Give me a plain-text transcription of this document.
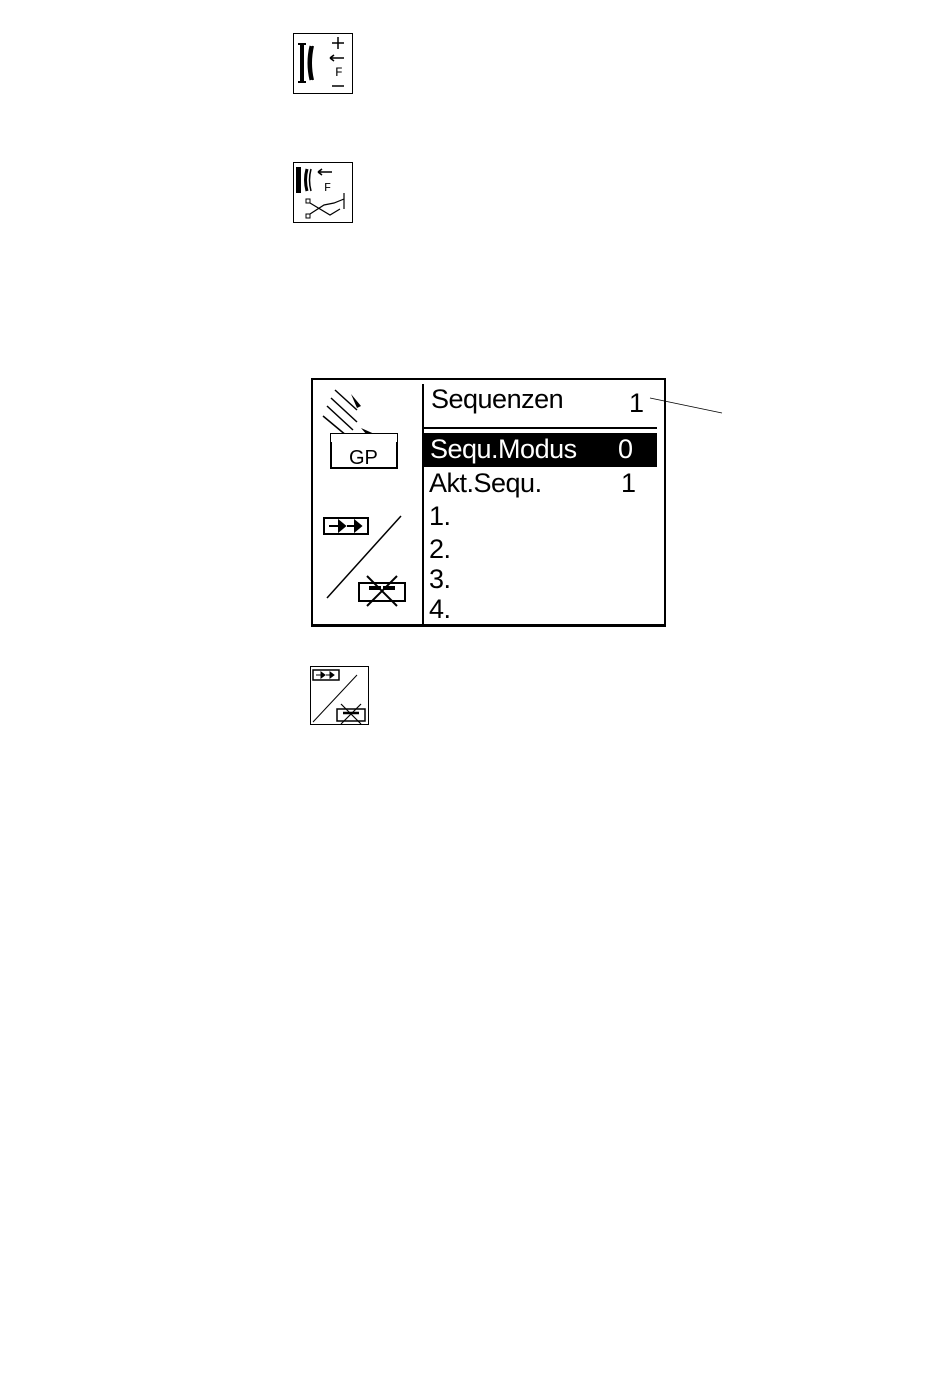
F
F
GP
Sequenzen 1
Sequ.Modus 0
Akt.Sequ.	1
1.
2.
3.
4.
